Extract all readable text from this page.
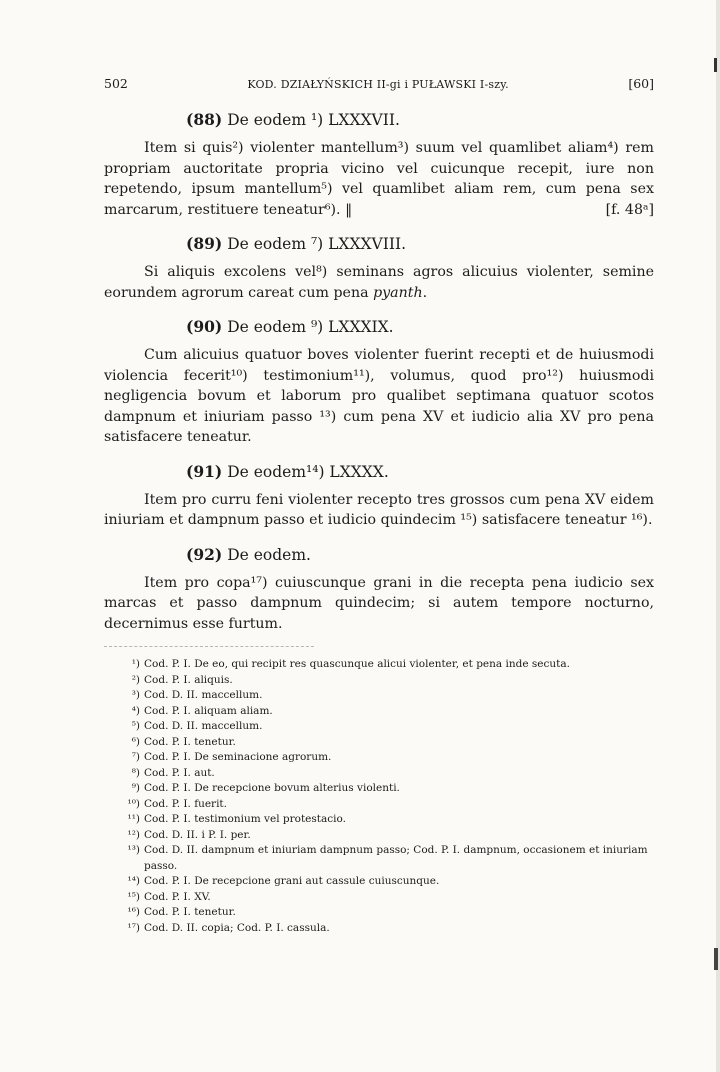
502	KOD. DZIAŁYŃSKICH II-gi i PUŁAWSKI I-szy.	[60]
(88) De eodem ¹) LXXXVII.

Item si quis²) violenter mantellum³) suum vel quamlibet aliam⁴) rem propriam auctoritate propria vicino vel cuicunque recepit, iure non repetendo, ipsum mantellum⁵) vel quamlibet aliam rem, cum pena sex marcarum, restituere teneatur⁶). ‖	[f. 48ᵃ]

(89) De eodem ⁷) LXXXVIII.

Si aliquis excolens vel⁸) seminans agros alicuius violenter, semine eorundem agrorum careat cum pena pyanth.

(90) De eodem ⁹) LXXXIX.

Cum alicuius quatuor boves violenter fuerint recepti et de huiusmodi violencia fecerit¹⁰) testimonium¹¹), volumus, quod pro¹²) huiusmodi negligencia bovum et laborum pro qualibet septimana quatuor scotos dampnum et iniuriam passo ¹³) cum pena XV et iudicio alia XV pro pena satisfacere teneatur.

(91) De eodem¹⁴) LXXXX.

Item pro curru feni violenter recepto tres grossos cum pena XV eidem iniuriam et dampnum passo et iudicio quindecim ¹⁵) satisfacere teneatur ¹⁶).

(92) De eodem.

Item pro copa¹⁷) cuiuscunque grani in die recepta pena iudicio sex marcas et passo dampnum quindecim; si autem tempore nocturno, decernimus esse furtum.

¹) Cod. P. I. De eo, qui recipit res quascunque alicui violenter, et pena inde secuta.
²) Cod. P. I. aliquis.
³) Cod. D. II. maccellum.
⁴) Cod. P. I. aliquam aliam.
⁵) Cod. D. II. maccellum.
⁶) Cod. P. I. tenetur.
⁷) Cod. P. I. De seminacione agrorum.
⁸) Cod. P. I. aut.
⁹) Cod. P. I. De recepcione bovum alterius violenti.
¹⁰) Cod. P. I. fuerit.
¹¹) Cod. P. I. testimonium vel protestacio.
¹²) Cod. D. II. i P. I. per.
¹³) Cod. D. II. dampnum et iniuriam dampnum passo; Cod. P. I. dampnum, occasionem et iniuriam passo.
¹⁴) Cod. P. I. De recepcione grani aut cassule cuiuscunque.
¹⁵) Cod. P. I. XV.
¹⁶) Cod. P. I. tenetur.
¹⁷) Cod. D. II. copia; Cod. P. I. cassula.
